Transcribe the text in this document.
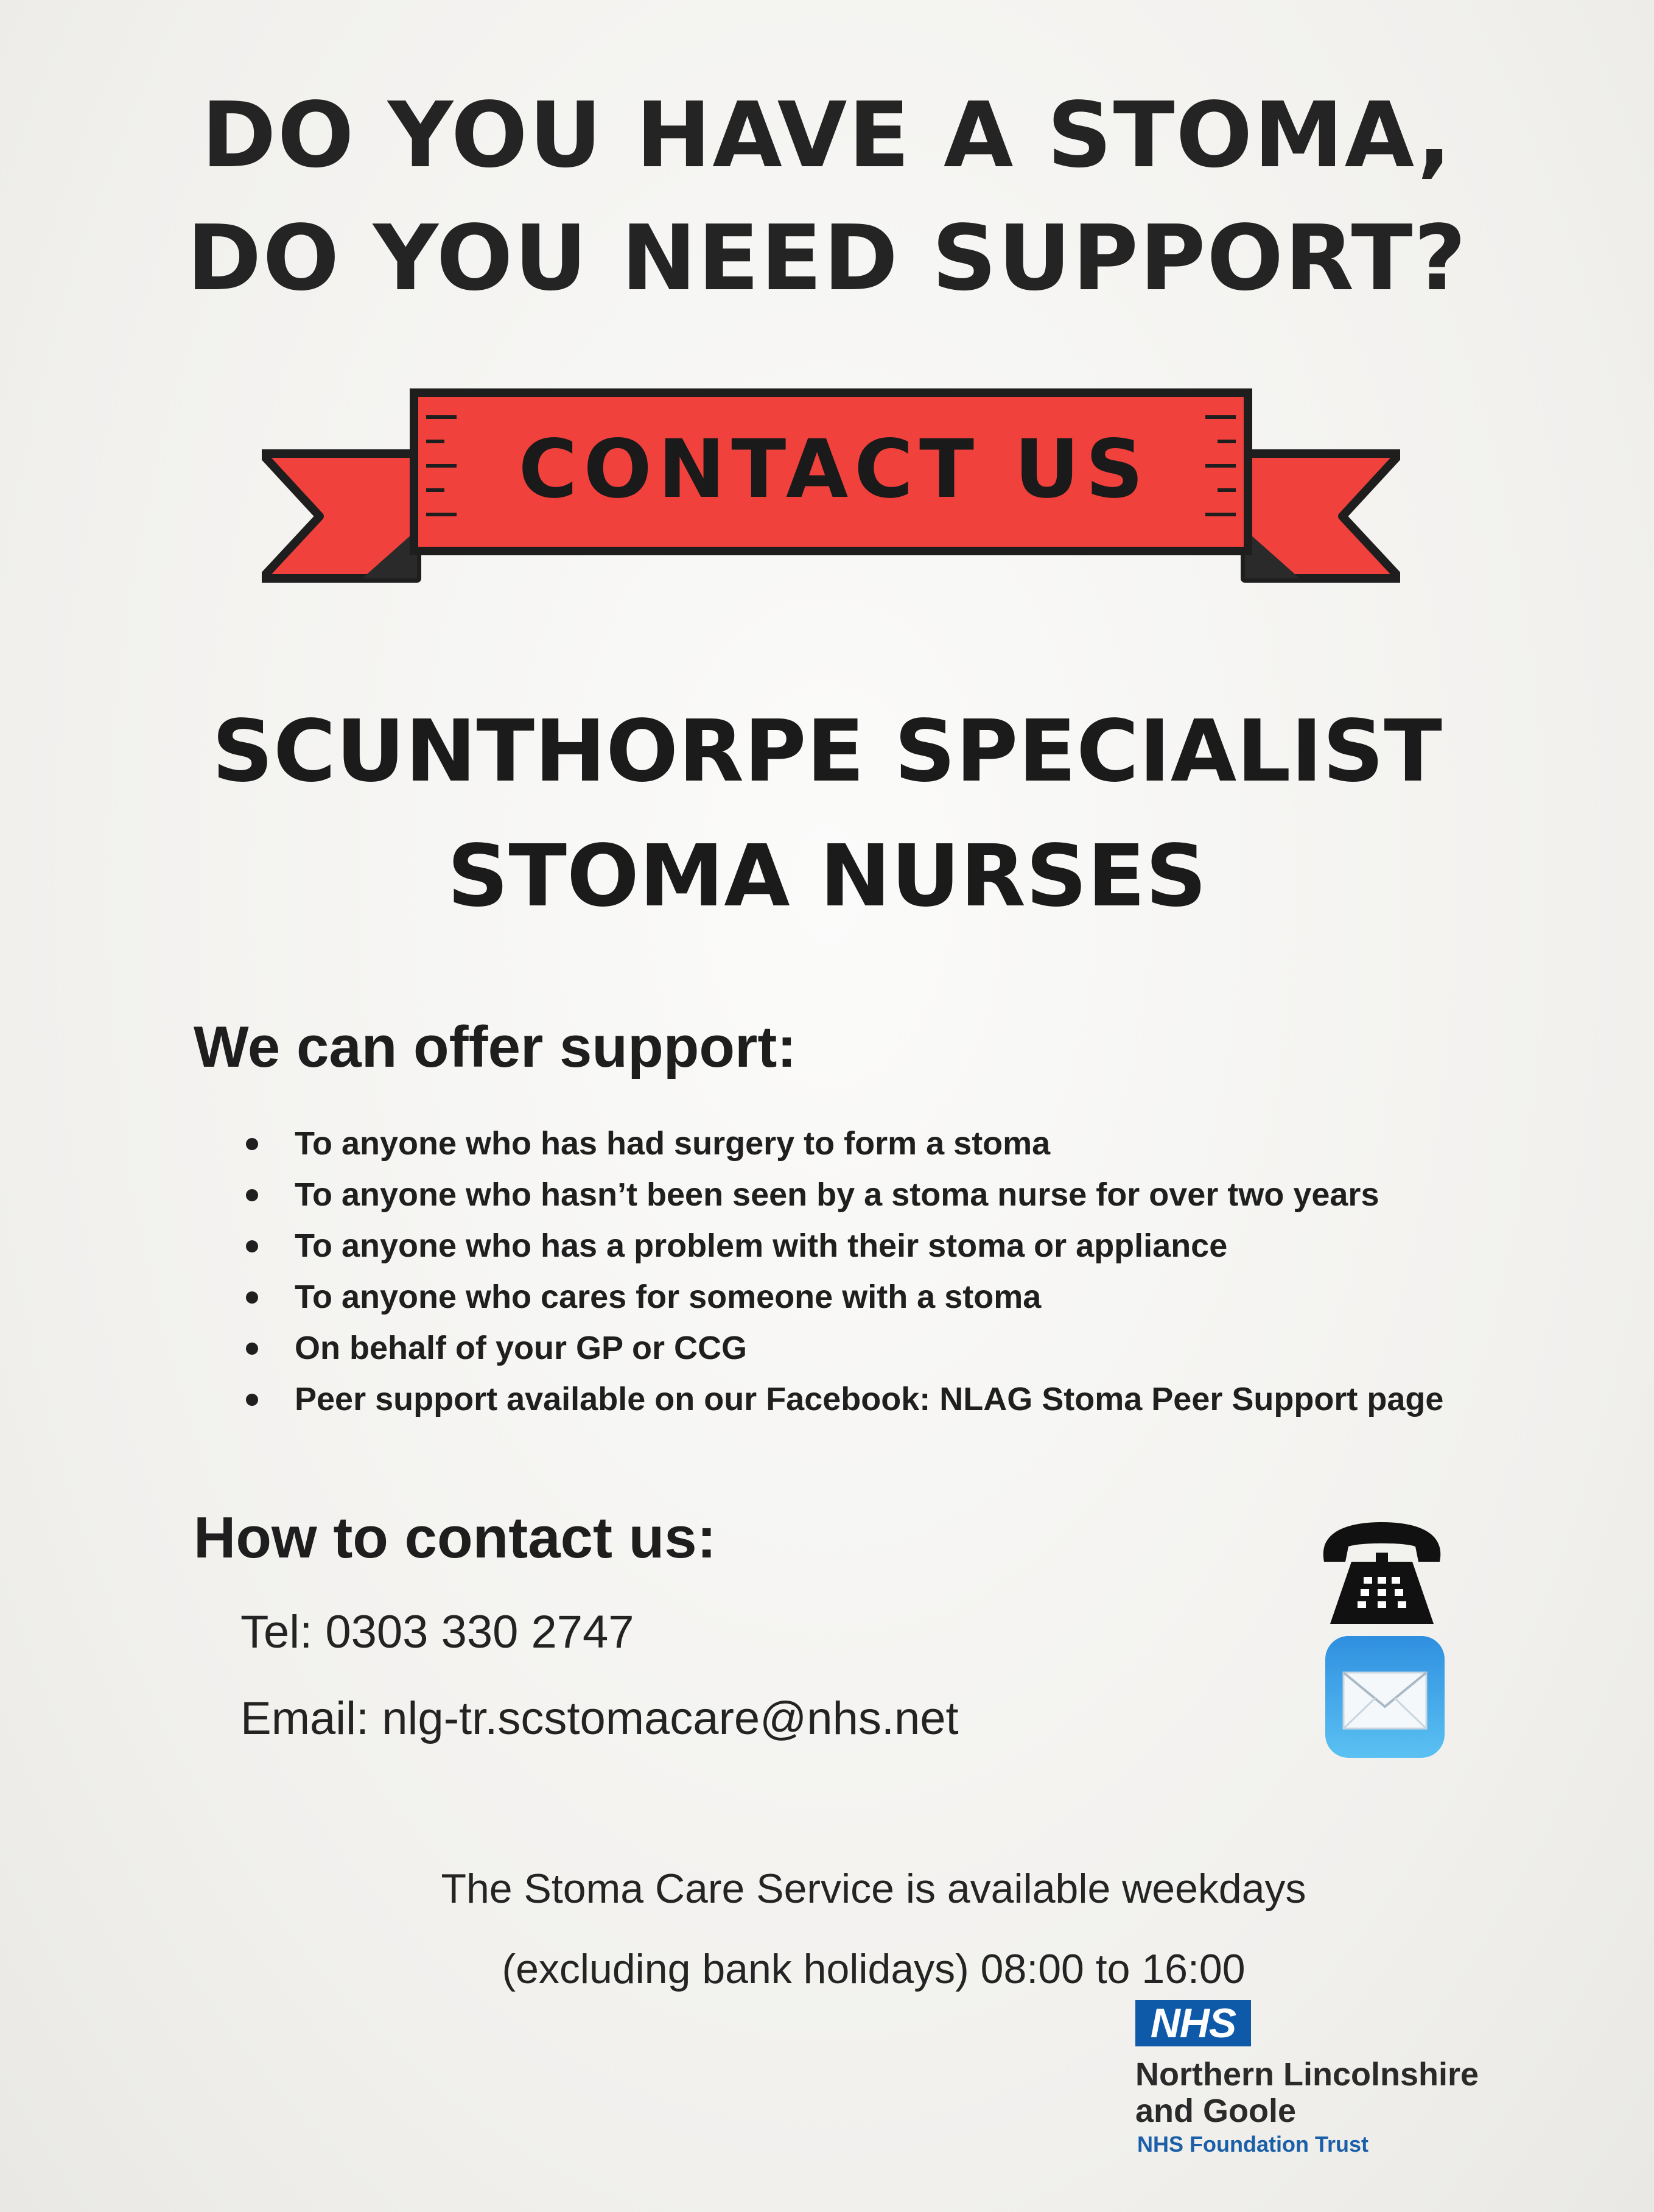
DO YOU HAVE A STOMA,
DO YOU NEED SUPPORT?
CONTACT US
SCUNTHORPE SPECIALIST
STOMA NURSES
We can offer support:
To anyone who has had surgery to form a stoma
To anyone who hasn’t been seen by a stoma nurse for over two years
To anyone who has a problem with their stoma or appliance
To anyone who cares for someone with a stoma
On behalf of your GP or CCG
Peer support available on our Facebook: NLAG Stoma Peer Support page
How to contact us:
Tel: 0303 330 2747
Email: nlg-tr.scstomacare@nhs.net
The Stoma Care Service is available weekdays
(excluding bank holidays) 08:00 to 16:00
NHS
Northern Lincolnshire
and Goole
NHS Foundation Trust
